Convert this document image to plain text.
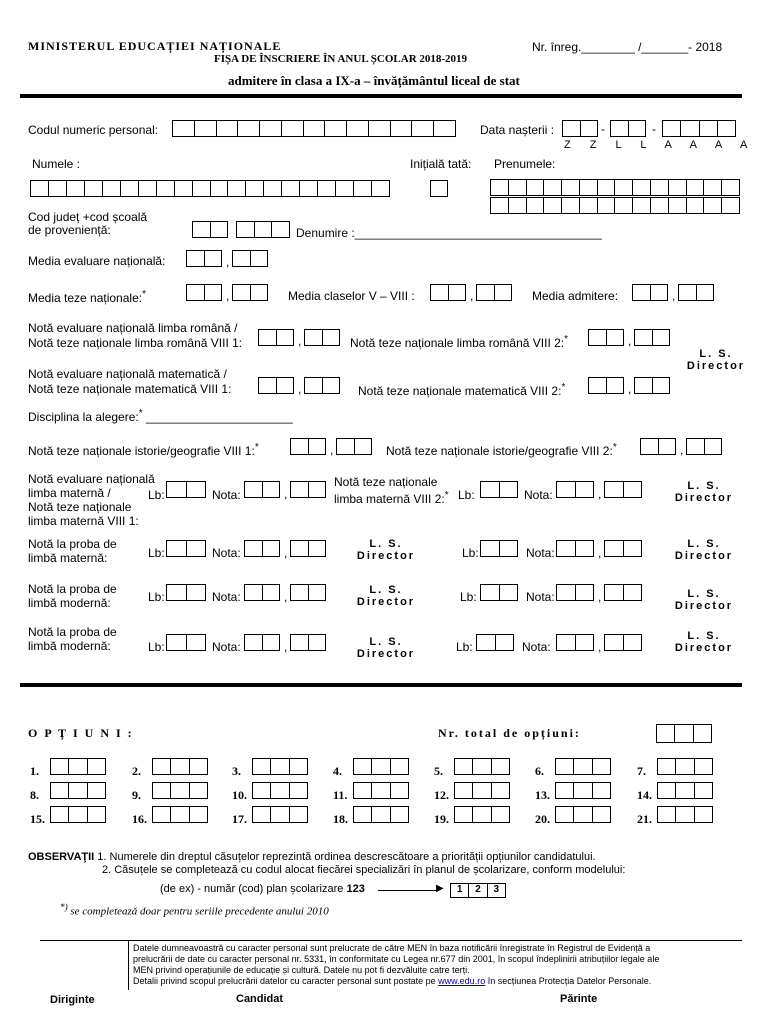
MINISTERUL EDUCAȚIEI NAȚIONALE
FIȘA DE ÎNSCRIERE ÎN ANUL ȘCOLAR 2018-2019
Nr. înreg.________ /_______- 2018
admitere în clasa a IX-a – învățământul liceal de stat
Codul numeric personal:	Data nașterii :	-	-
Z Z L L A A A A
Numele :	Inițială tată: Prenumele:
Cod județ +cod școală
de proveniență:	Denumire :_____________________________________
Media evaluare națională:	,
Media teze naționale:*	,	Media claselor V – VIII :	,	Media admitere:	,
Notă evaluare națională limba română /
Notă teze naționale limba română VIII 1:	,	Notă teze naționale limba română VIII 2:*	,
L. S.
Director
Notă evaluare națională matematică /
Notă teze naționale matematică VIII 1:	,	Notă teze naționale matematică VIII 2:*	,
Disciplina la alegere:* ______________________
Notă teze naționale istorie/geografie VIII 1:*	,	Notă teze naționale istorie/geografie VIII 2:*	,
Notă evaluare națională
limba maternă /
Notă teze naționale
limba maternă VIII 1:
Lb:	Nota:	,
Notă teze naționale
limba maternă VIII 2:* Lb:	Nota:	,
L. S.
Director
Notă la proba de
limbă maternă:	Lb:	Nota:	,
L. S.
Director	Lb:	Nota:	,
L. S.
Director
Notă la proba de
limbă modernă:	Lb:	Nota:	,	L. S.
Director	Lb:	Nota:	,	L. S.
Director
Notă la proba de
limbă modernă:	Lb:	Nota:	,	L. S.
Director	Lb:	Nota:	,
L. S.
Director
O P Ţ I U N I :	Nr. total de opțiuni:
1.	2.	3.	4.	5.	6.	7.
8.	9.	10.	11.	12.	13.	14.
15.	16.	17.	18.	19.	20.	21.
OBSERVAŢII 1. Numerele din dreptul căsuțelor reprezintă ordinea descrescătoare a priorității opțiunilor candidatului.
2. Căsuțele se completează cu codul alocat fiecărei specializări în planul de școlarizare, conform modelului:
(de ex) - număr (cod) plan școlarizare 123	▶	1	2	3
*) se completează doar pentru seriile precedente anului 2010
Datele dumneavoastră cu caracter personal sunt prelucrate de către MEN în baza notificării înregistrate în Registrul de Evidență a
prelucrării de date cu caracter personal nr. 5331, în conformitate cu Legea nr.677 din 2001, în scopul îndeplinirii atribuțiilor legale ale
MEN privind operațiunile de educație și cultură. Datele nu pot fi dezvăluite catre terți.
Detalii privind scopul prelucrării datelor cu caracter personal sunt postate pe www.edu.ro în secțiunea Protecția Datelor Personale.
Diriginte	Candidat	Părinte
